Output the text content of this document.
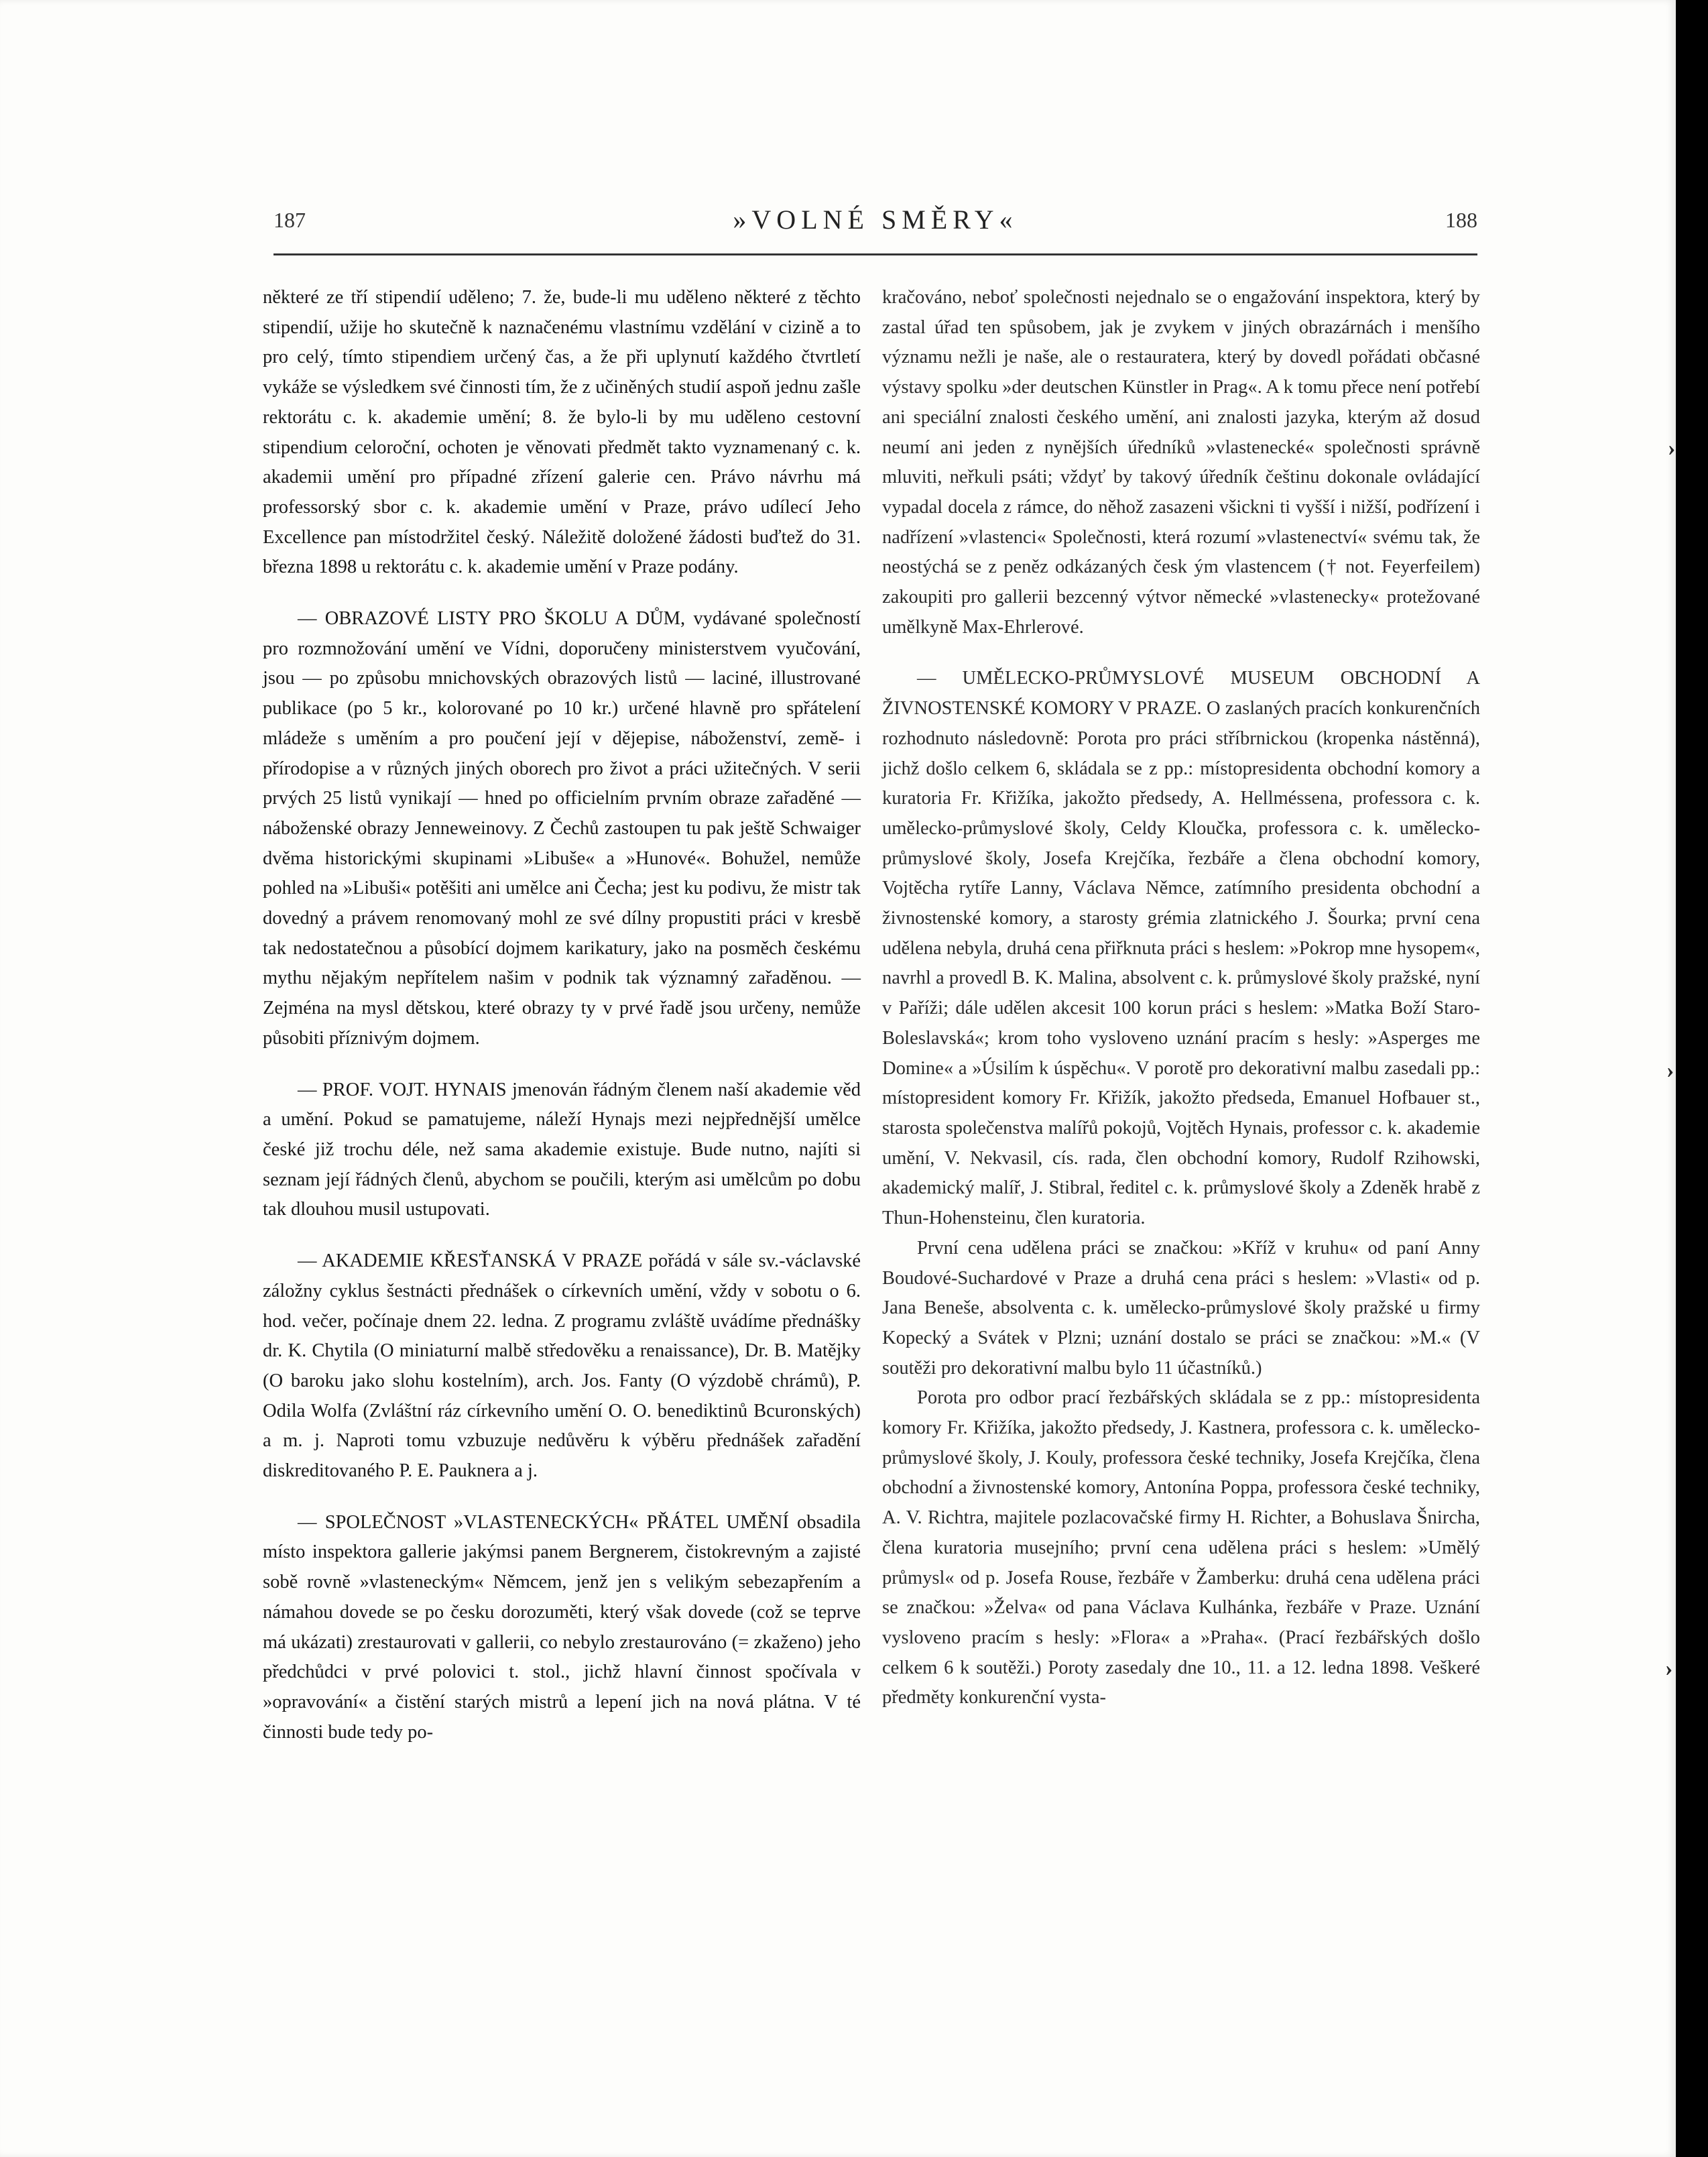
187	»VOLNÉ SMĚRY«	188

některé ze tří stipendií uděleno; 7. že, bude-li mu uděleno některé z těchto stipendií, užije ho skutečně k naznačenému vlastnímu vzdělání v cizině a to pro celý, tímto stipendiem určený čas, a že při uplynutí každého čtvrtletí vykáže se výsledkem své činnosti tím, že z učiněných studií aspoň jednu zašle rektorátu c. k. akademie umění; 8. že bylo-li by mu uděleno cestovní stipendium celoroční, ochoten je věnovati předmět takto vyznamenaný c. k. akademii umění pro případné zřízení galerie cen. Právo návrhu má professorský sbor c. k. akademie umění v Praze, právo udílecí Jeho Excellence pan místodržitel český. Náležitě doložené žádosti buďtež do 31. března 1898 u rektorátu c. k. akademie umění v Praze podány.

— OBRAZOVÉ LISTY PRO ŠKOLU A DŮM, vydávané společností pro rozmnožování umění ve Vídni, doporučeny ministerstvem vyučování, jsou — po způsobu mnichovských obrazových listů — laciné, illustrované publikace (po 5 kr., kolorované po 10 kr.) určené hlavně pro spřátelení mládeže s uměním a pro poučení její v dějepise, náboženství, země- i přírodopise a v různých jiných oborech pro život a práci užitečných. V serii prvých 25 listů vynikají — hned po officielním prvním obraze zařaděné — náboženské obrazy Jenneweinovy. Z Čechů zastoupen tu pak ještě Schwaiger dvěma historickými skupinami »Libuše« a »Hunové«. Bohužel, nemůže pohled na »Libuši« potěšiti ani umělce ani Čecha; jest ku podivu, že mistr tak dovedný a právem renomovaný mohl ze své dílny propustiti práci v kresbě tak nedostatečnou a působící dojmem karikatury, jako na posměch českému mythu nějakým nepřítelem našim v podnik tak významný zařaděnou. — Zejména na mysl dětskou, které obrazy ty v prvé řadě jsou určeny, nemůže působiti příznivým dojmem.

— PROF. VOJT. HYNAIS jmenován řádným členem naší akademie věd a umění. Pokud se pamatujeme, náleží Hynajs mezi nejpřednější umělce české již trochu déle, než sama akademie existuje. Bude nutno, najíti si seznam její řádných členů, abychom se poučili, kterým asi umělcům po dobu tak dlouhou musil ustupovati.

— AKADEMIE KŘESŤANSKÁ V PRAZE pořádá v sále sv.-václavské záložny cyklus šestnácti přednášek o církevních umění, vždy v sobotu o 6. hod. večer, počínaje dnem 22. ledna. Z programu zvláště uvádíme přednášky dr. K. Chytila (O miniaturní malbě středověku a renaissance), Dr. B. Matějky (O baroku jako slohu kostelním), arch. Jos. Fanty (O výzdobě chrámů), P. Odila Wolfa (Zvláštní ráz církevního umění O. O. benediktinů Bcuronských) a m. j. Naproti tomu vzbuzuje nedůvěru k výběru přednášek zařadění diskreditovaného P. E. Pauknera a j.

— SPOLEČNOST »VLASTENECKÝCH« PŘÁTEL UMĚNÍ obsadila místo inspektora gallerie jakýmsi panem Bergnerem, čistokrevným a zajisté sobě rovně »vlasteneckým« Němcem, jenž jen s velikým sebezapřením a námahou dovede se po česku dorozuměti, který však dovede (což se teprve má ukázati) zrestaurovati v gallerii, co nebylo zrestaurováno (= zkaženo) jeho předchůdci v prvé polovici t. stol., jichž hlavní činnost spočívala v »opravování« a čistění starých mistrů a lepení jich na nová plátna. V té činnosti bude tedy po-

kračováno, neboť společnosti nejednalo se o engažování inspektora, který by zastal úřad ten spůsobem, jak je zvykem v jiných obrazárnách i menšího významu nežli je naše, ale o restauratera, který by dovedl pořádati občasné výstavy spolku »der deutschen Künstler in Prag«. A k tomu přece není potřebí ani speciální znalosti českého umění, ani znalosti jazyka, kterým až dosud neumí ani jeden z nynějších úředníků »vlastenecké« společnosti správně mluviti, neřkuli psáti; vždyť by takový úředník češtinu dokonale ovládající vypadal docela z rámce, do něhož zasazeni všickni ti vyšší i nižší, podřízení i nadřízení »vlastenci« Společnosti, která rozumí »vlastenectví« svému tak, že neostýchá se z peněz odkázaných česk ým vlastencem († not. Feyerfeilem) zakoupiti pro gallerii bezcenný výtvor německé »vlastenecky« protežované umělkyně Max-Ehrlerové.

— UMĚLECKO-PRŮMYSLOVÉ MUSEUM OBCHODNÍ A ŽIVNOSTENSKÉ KOMORY V PRAZE. O zaslaných pracích konkurenčních rozhodnuto následovně: Porota pro práci stříbrnickou (kropenka nástěnná), jichž došlo celkem 6, skládala se z pp.: místopresidenta obchodní komory a kuratoria Fr. Křižíka, jakožto předsedy, A. Hellméssena, professora c. k. umělecko-průmyslové školy, Celdy Kloučka, professora c. k. umělecko-průmyslové školy, Josefa Krejčíka, řezbáře a člena obchodní komory, Vojtěcha rytíře Lanny, Václava Němce, zatímního presidenta obchodní a živnostenské komory, a starosty grémia zlatnického J. Šourka; první cena udělena nebyla, druhá cena přiřknuta práci s heslem: »Pokrop mne hysopem«, navrhl a provedl B. K. Malina, absolvent c. k. průmyslové školy pražské, nyní v Paříži; dále udělen akcesit 100 korun práci s heslem: »Matka Boží Staro-Boleslavská«; krom toho vysloveno uznání pracím s hesly: »Asperges me Domine« a »Úsilím k úspěchu«. V porotě pro dekorativní malbu zasedali pp.: místopresident komory Fr. Křižík, jakožto předseda, Emanuel Hofbauer st., starosta společenstva malířů pokojů, Vojtěch Hynais, professor c. k. akademie umění, V. Nekvasil, cís. rada, člen obchodní komory, Rudolf Rzihowski, akademický malíř, J. Stibral, ředitel c. k. průmyslové školy a Zdeněk hrabě z Thun-Hohensteinu, člen kuratoria.

První cena udělena práci se značkou: »Kříž v kruhu« od paní Anny Boudové-Suchardové v Praze a druhá cena práci s heslem: »Vlasti« od p. Jana Beneše, absolventa c. k. umělecko-průmyslové školy pražské u firmy Kopecký a Svátek v Plzni; uznání dostalo se práci se značkou: »M.« (V soutěži pro dekorativní malbu bylo 11 účastníků.)

Porota pro odbor prací řezbářských skládala se z pp.: místopresidenta komory Fr. Křižíka, jakožto předsedy, J. Kastnera, professora c. k. umělecko-průmyslové školy, J. Kouly, professora české techniky, Josefa Krejčíka, člena obchodní a živnostenské komory, Antonína Poppa, professora české techniky, A. V. Richtra, majitele pozlacovačské firmy H. Richter, a Bohuslava Šnircha, člena kuratoria musejního; první cena udělena práci s heslem: »Umělý průmysl« od p. Josefa Rouse, řezbáře v Žamberku: druhá cena udělena práci se značkou: »Želva« od pana Václava Kulhánka, řezbáře v Praze. Uznání vysloveno pracím s hesly: »Flora« a »Praha«. (Prací řezbářských došlo celkem 6 k soutěži.) Poroty zasedaly dne 10., 11. a 12. ledna 1898. Veškeré předměty konkurenční vysta-

›
›
›
